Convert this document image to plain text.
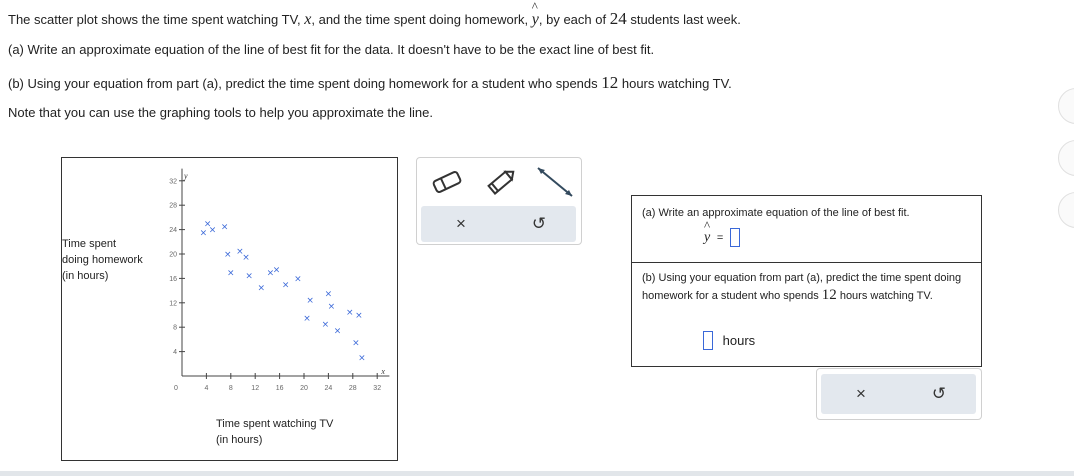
The scatter plot shows the time spent watching TV, x, and the time spent doing homework,
^
y, by each of 24 students last week.
(a) Write an approximate equation of the line of best fit for the data. It doesn't have to be the exact line of best fit.
(b) Using your equation from part (a), predict the time spent doing homework for a student who spends 12 hours watching TV.
Note that you can use the graphing tools to help you approximate the line.
y
x
0
4
8
12
16
20
24
28
32
4	8	12 16 20 24 28 32
×
×
× ×
×
×
×
×
×
×
×
×
×
×
×
×
×
×
×
×
× ×
×
×
Time spent
doing homework
(in hours)
Time spent watching TV
(in hours)
×	↺
(a) Write an approximate equation of the line of best fit.
^
y =
(b) Using your equation from part (a), predict the time spent doing homework for a student who spends 12 hours watching TV.
hours
×	↺
